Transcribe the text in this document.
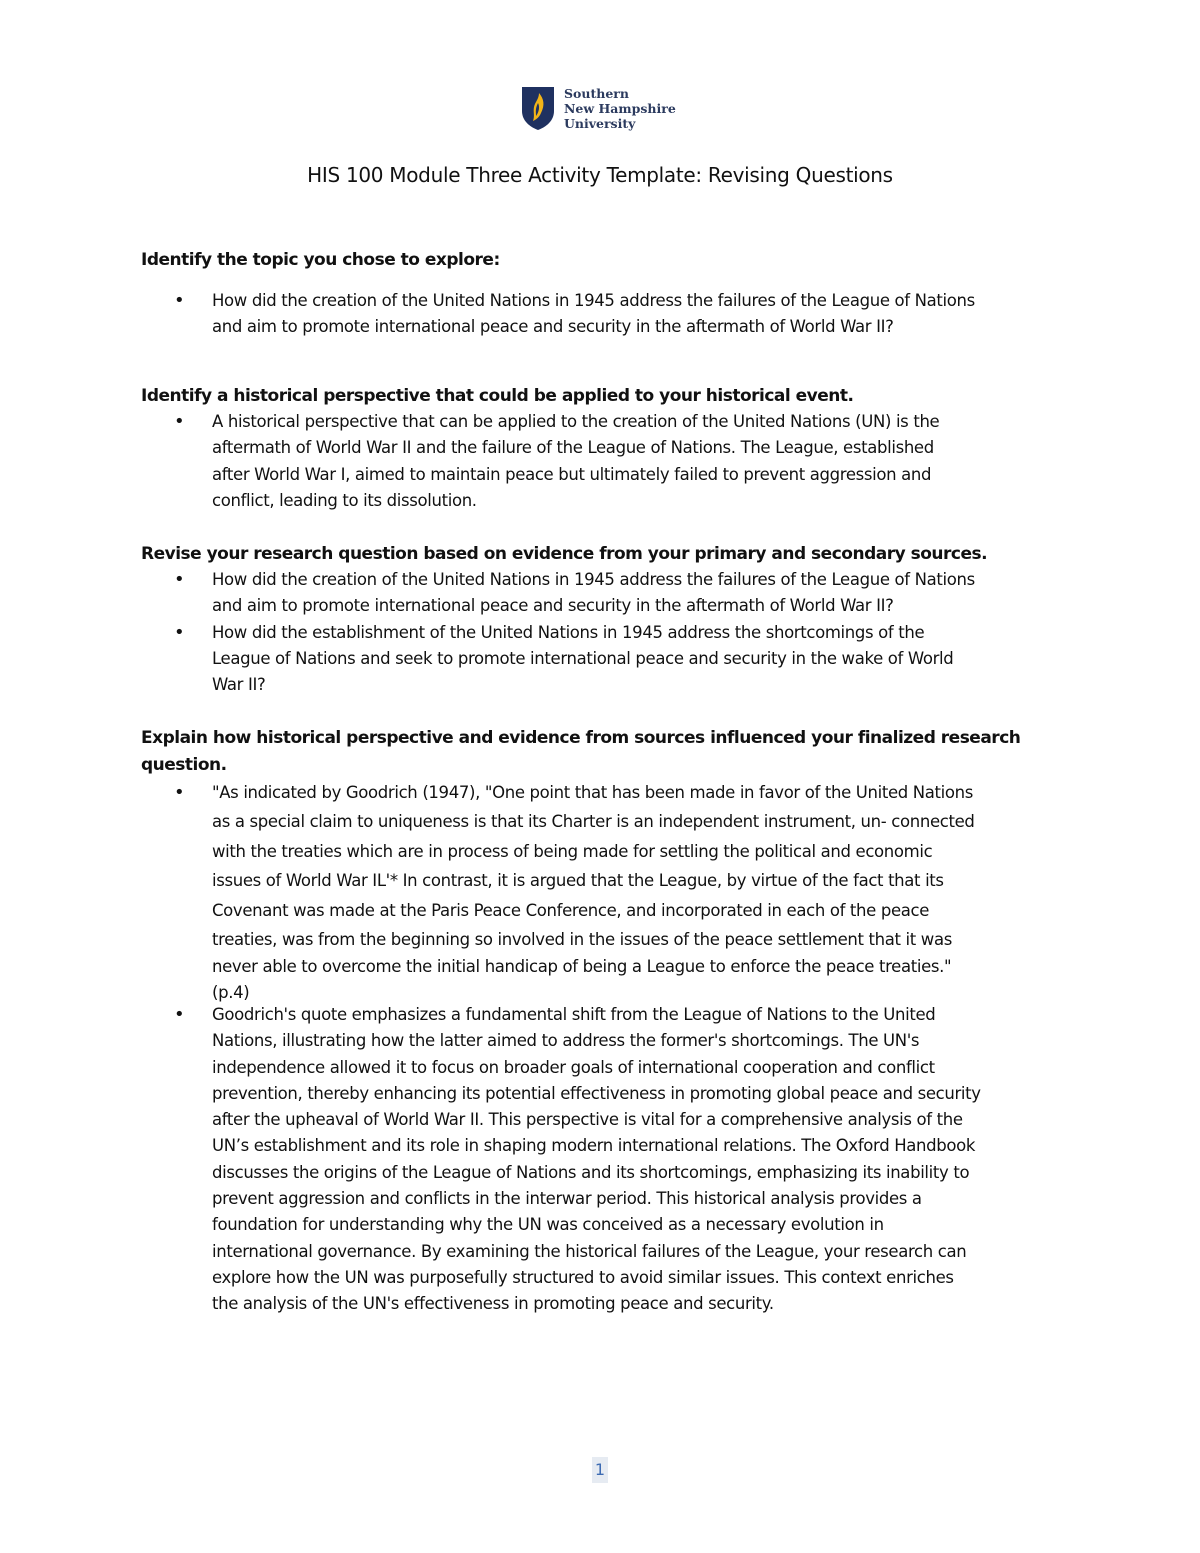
Southern
New Hampshire
University
HIS 100 Module Three Activity Template: Revising Questions

Identify the topic you chose to explore:

• How did the creation of the United Nations in 1945 address the failures of the League of Nations
and aim to promote international peace and security in the aftermath of World War II?

Identify a historical perspective that could be applied to your historical event.

• A historical perspective that can be applied to the creation of the United Nations (UN) is the
aftermath of World War II and the failure of the League of Nations. The League, established
after World War I, aimed to maintain peace but ultimately failed to prevent aggression and
conflict, leading to its dissolution.

Revise your research question based on evidence from your primary and secondary sources.

• How did the creation of the United Nations in 1945 address the failures of the League of Nations
and aim to promote international peace and security in the aftermath of World War II?
• How did the establishment of the United Nations in 1945 address the shortcomings of the
League of Nations and seek to promote international peace and security in the wake of World
War II?

Explain how historical perspective and evidence from sources influenced your finalized research
question.

• "As indicated by Goodrich (1947), "One point that has been made in favor of the United Nations
as a special claim to uniqueness is that its Charter is an independent instrument, un- connected
with the treaties which are in process of being made for settling the political and economic
issues of World War IL'* In contrast, it is argued that the League, by virtue of the fact that its
Covenant was made at the Paris Peace Conference, and incorporated in each of the peace
treaties, was from the beginning so involved in the issues of the peace settlement that it was
never able to overcome the initial handicap of being a League to enforce the peace treaties."
(p.4)
• Goodrich's quote emphasizes a fundamental shift from the League of Nations to the United
Nations, illustrating how the latter aimed to address the former's shortcomings. The UN's
independence allowed it to focus on broader goals of international cooperation and conflict
prevention, thereby enhancing its potential effectiveness in promoting global peace and security
after the upheaval of World War II. This perspective is vital for a comprehensive analysis of the
UN’s establishment and its role in shaping modern international relations. The Oxford Handbook
discusses the origins of the League of Nations and its shortcomings, emphasizing its inability to
prevent aggression and conflicts in the interwar period. This historical analysis provides a
foundation for understanding why the UN was conceived as a necessary evolution in
international governance. By examining the historical failures of the League, your research can
explore how the UN was purposefully structured to avoid similar issues. This context enriches
the analysis of the UN's effectiveness in promoting peace and security.
1
